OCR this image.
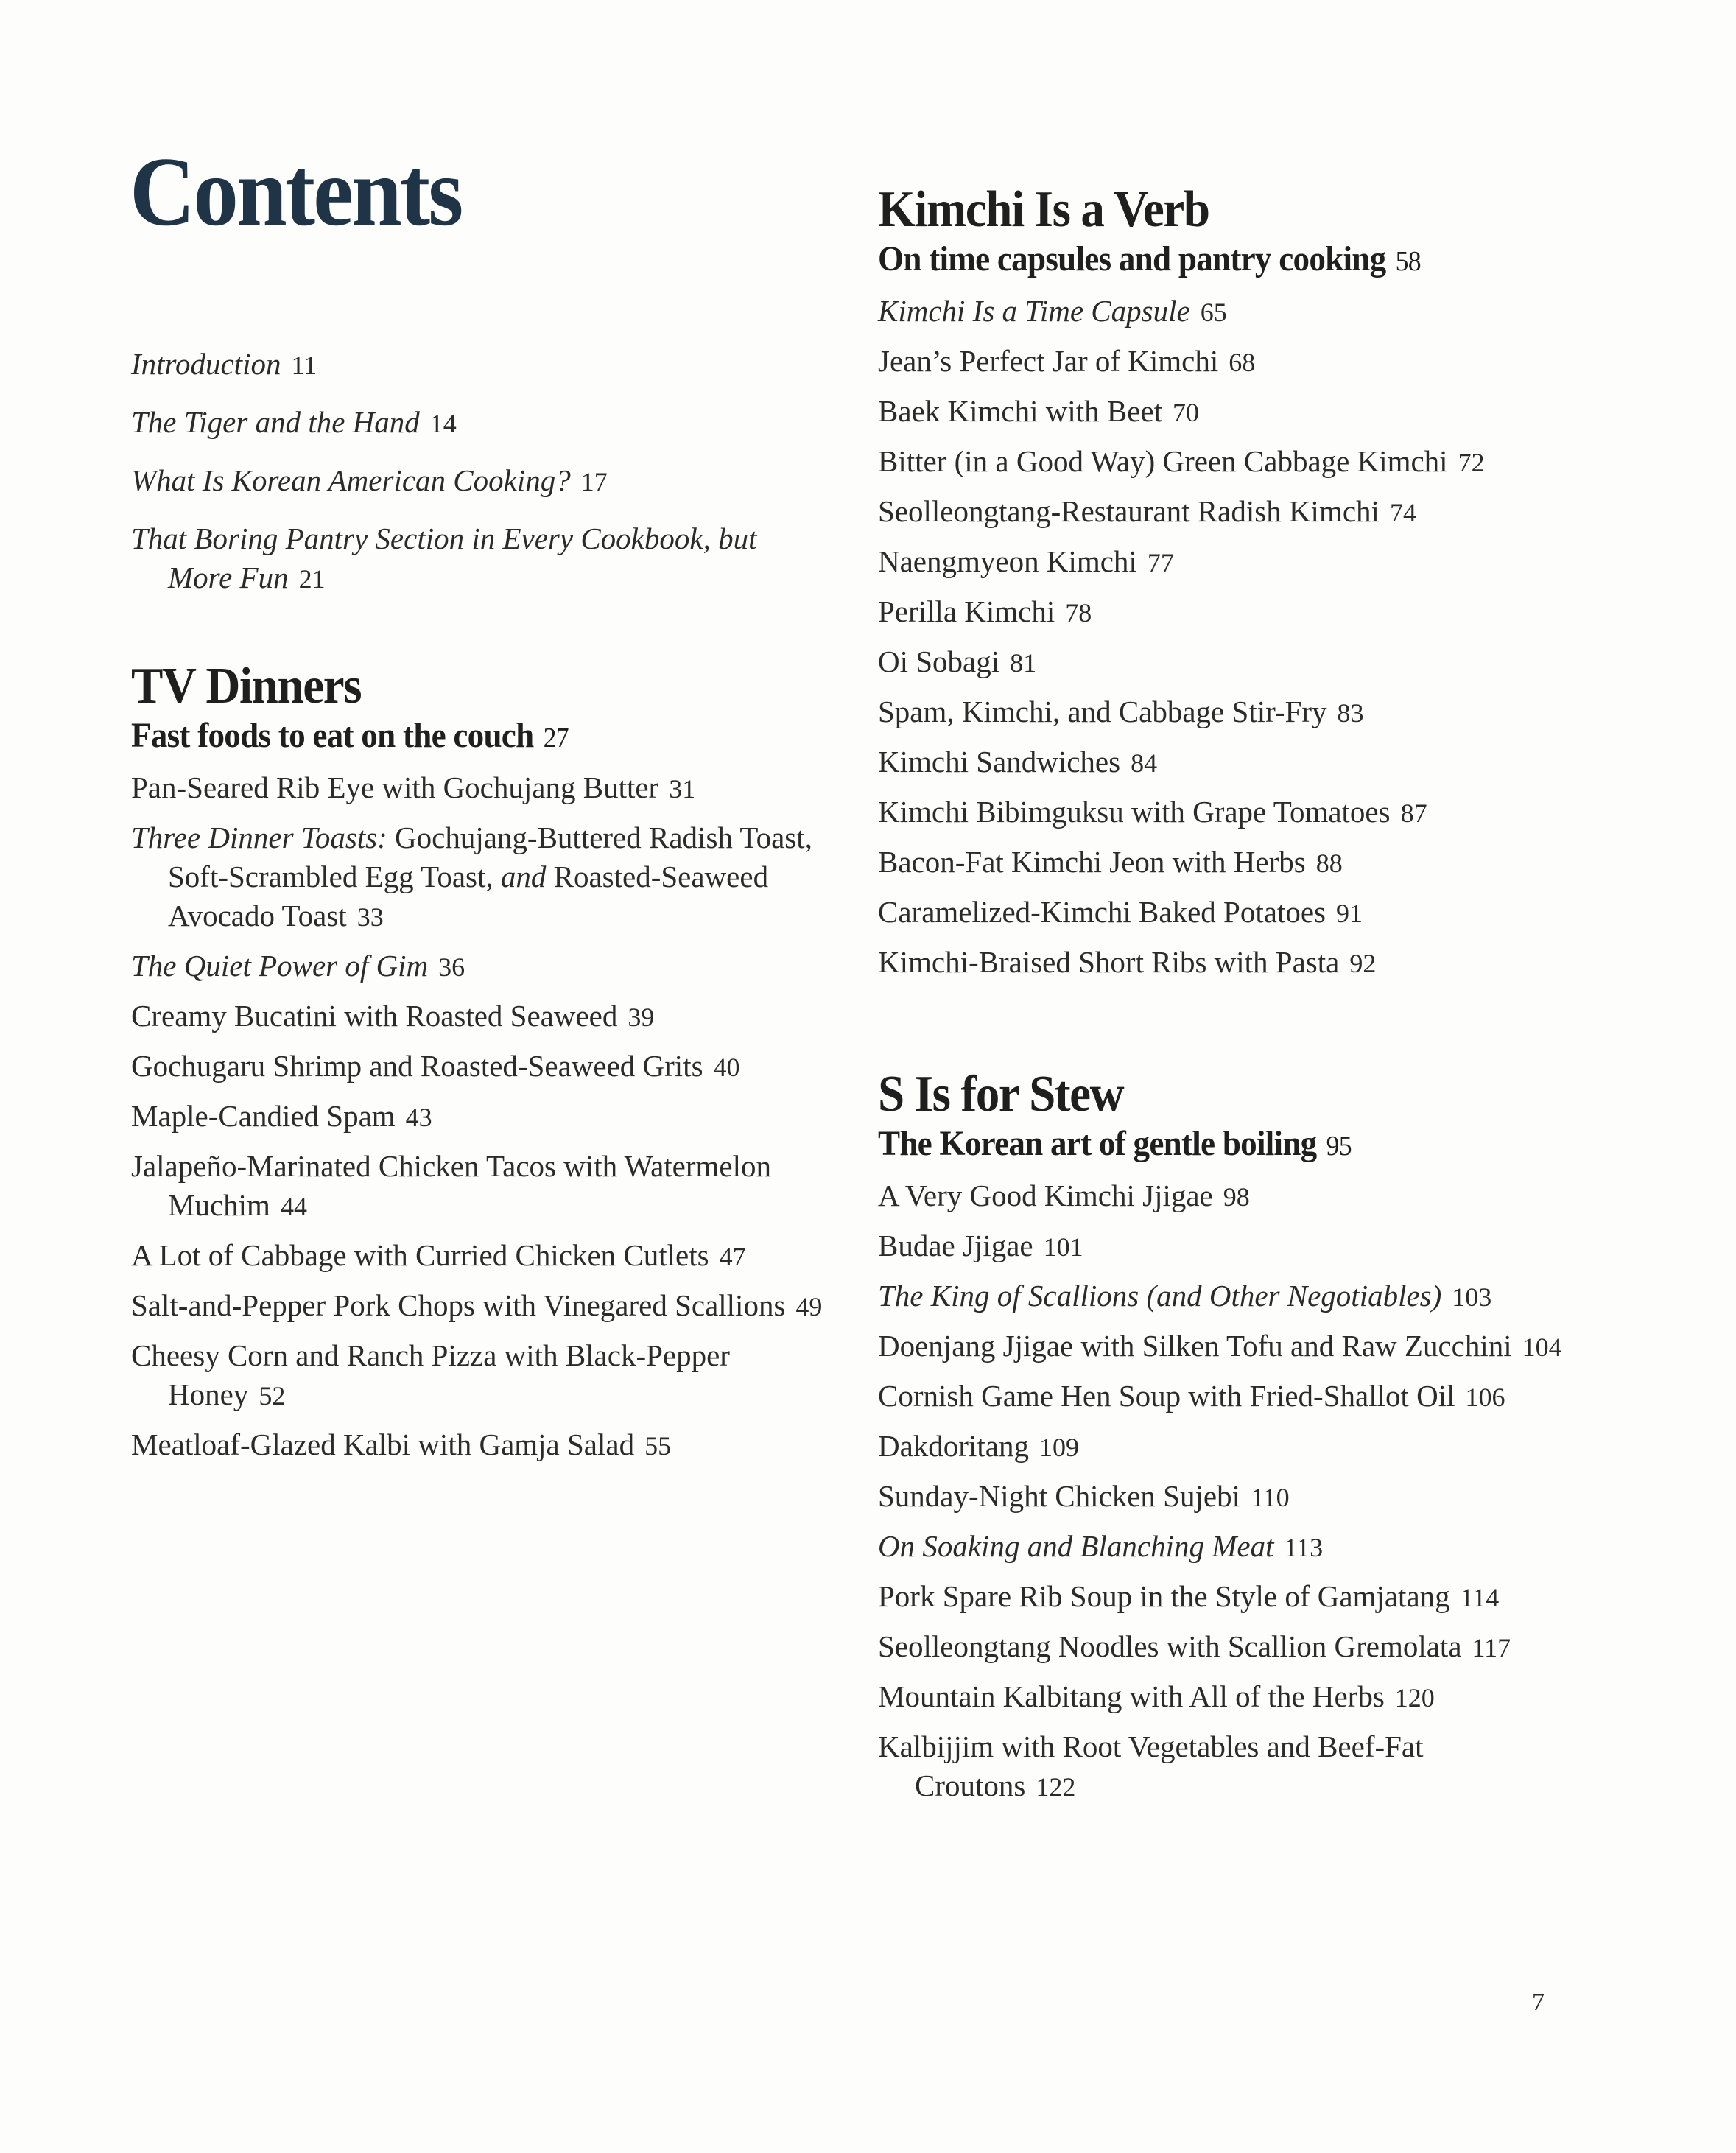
Contents
Introduction 11
The Tiger and the Hand 14
What Is Korean American Cooking? 17
That Boring Pantry Section in Every Cookbook, but More Fun 21
TV Dinners
Fast foods to eat on the couch 27
Pan-Seared Rib Eye with Gochujang Butter 31
Three Dinner Toasts: Gochujang-Buttered Radish Toast, Soft-Scrambled Egg Toast, and Roasted-Seaweed Avocado Toast 33
The Quiet Power of Gim 36
Creamy Bucatini with Roasted Seaweed 39
Gochugaru Shrimp and Roasted-Seaweed Grits 40
Maple-Candied Spam 43
Jalapeño-Marinated Chicken Tacos with Watermelon Muchim 44
A Lot of Cabbage with Curried Chicken Cutlets 47
Salt-and-Pepper Pork Chops with Vinegared Scallions 49
Cheesy Corn and Ranch Pizza with Black-Pepper Honey 52
Meatloaf-Glazed Kalbi with Gamja Salad 55
Kimchi Is a Verb
On time capsules and pantry cooking 58
Kimchi Is a Time Capsule 65
Jean’s Perfect Jar of Kimchi 68
Baek Kimchi with Beet 70
Bitter (in a Good Way) Green Cabbage Kimchi 72
Seolleongtang-Restaurant Radish Kimchi 74
Naengmyeon Kimchi 77
Perilla Kimchi 78
Oi Sobagi 81
Spam, Kimchi, and Cabbage Stir-Fry 83
Kimchi Sandwiches 84
Kimchi Bibimguksu with Grape Tomatoes 87
Bacon-Fat Kimchi Jeon with Herbs 88
Caramelized-Kimchi Baked Potatoes 91
Kimchi-Braised Short Ribs with Pasta 92
S Is for Stew
The Korean art of gentle boiling 95
A Very Good Kimchi Jjigae 98
Budae Jjigae 101
The King of Scallions (and Other Negotiables) 103
Doenjang Jjigae with Silken Tofu and Raw Zucchini 104
Cornish Game Hen Soup with Fried-Shallot Oil 106
Dakdoritang 109
Sunday-Night Chicken Sujebi 110
On Soaking and Blanching Meat 113
Pork Spare Rib Soup in the Style of Gamjatang 114
Seolleongtang Noodles with Scallion Gremolata 117
Mountain Kalbitang with All of the Herbs 120
Kalbijjim with Root Vegetables and Beef-Fat Croutons 122
7
